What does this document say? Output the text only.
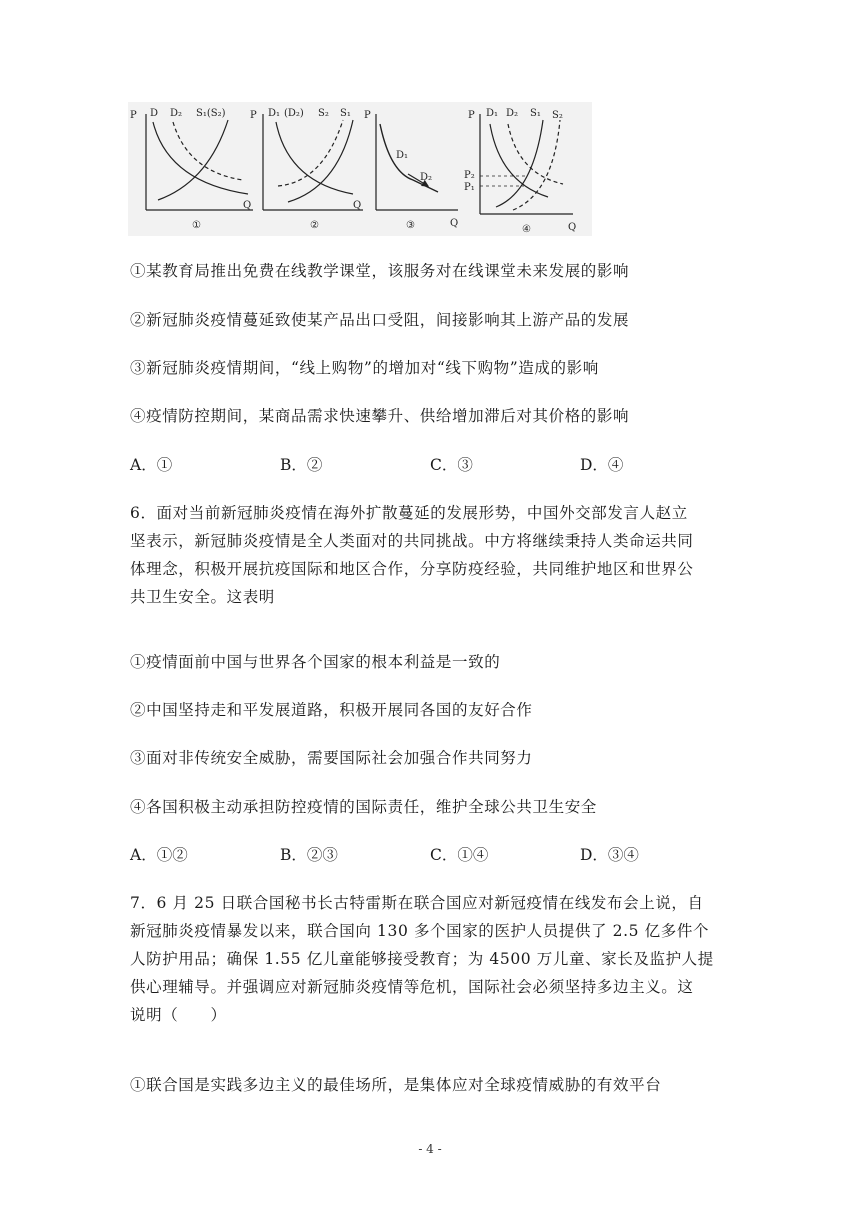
P D D₂ S₁(S₂)
Q
①
P D₁ (D₂) S₂ S₁
Q
②
P
D₁
D₂
Q
③
P D₁ D₂ S₁ S₂
P₂
P₁
Q
④
①某教育局推出免费在线教学课堂，该服务对在线课堂未来发展的影响
②新冠肺炎疫情蔓延致使某产品出口受阻，间接影响其上游产品的发展
③新冠肺炎疫情期间，“线上购物”的增加对“线下购物”造成的影响
④疫情防控期间，某商品需求快速攀升、供给增加滞后对其价格的影响
A．①	B．②	C．③	D．④
6．面对当前新冠肺炎疫情在海外扩散蔓延的发展形势，中国外交部发言人赵立
坚表示，新冠肺炎疫情是全人类面对的共同挑战。中方将继续秉持人类命运共同
体理念，积极开展抗疫国际和地区合作，分享防疫经验，共同维护地区和世界公
共卫生安全。这表明
①疫情面前中国与世界各个国家的根本利益是一致的
②中国坚持走和平发展道路，积极开展同各国的友好合作
③面对非传统安全威胁，需要国际社会加强合作共同努力
④各国积极主动承担防控疫情的国际责任，维护全球公共卫生安全
A．①②	B．②③	C．①④	D．③④
7．6 月 25 日联合国秘书长古特雷斯在联合国应对新冠疫情在线发布会上说，自
新冠肺炎疫情暴发以来，联合国向 130 多个国家的医护人员提供了 2.5 亿多件个
人防护用品；确保 1.55 亿儿童能够接受教育；为 4500 万儿童、家长及监护人提
供心理辅导。并强调应对新冠肺炎疫情等危机，国际社会必须坚持多边主义。这
说明（　　）
①联合国是实践多边主义的最佳场所，是集体应对全球疫情威胁的有效平台
- 4 -
